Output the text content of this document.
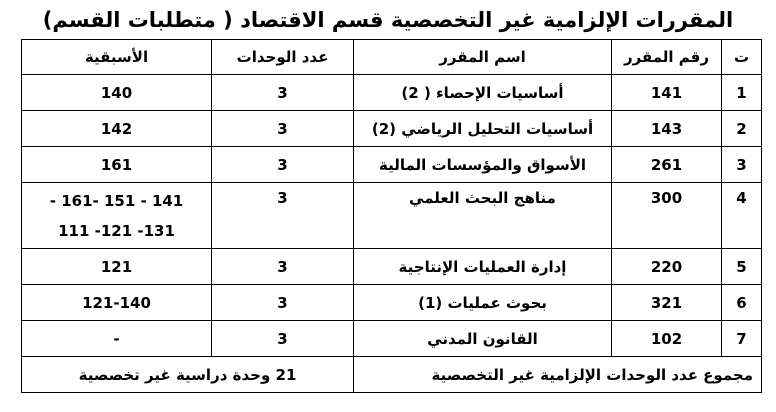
المقررات الإلزامية غير التخصصية قسم الاقتصاد ( متطلبات القسم)
ت	رقم المقرر	اسم المقرر	عدد الوحدات	الأسبقية
1	141	أساسيات الإحصاء ( 2)	3	140
2	143	أساسيات التحليل الرياضي (2)	3	142
3	261	الأسواق والمؤسسات المالية	3	161
4	300	مناهج البحث العلمي	3	- 161- 151 - 141
111 -121 -131

5	220	إدارة العمليات الإنتاجية	3	121
6	321	بحوث عمليات (1)	3	121-140
7	102	القانون المدني	3	-
مجموع عدد الوحدات الإلزامية غير التخصصية			21 وحدة دراسية غير تخصصية	
